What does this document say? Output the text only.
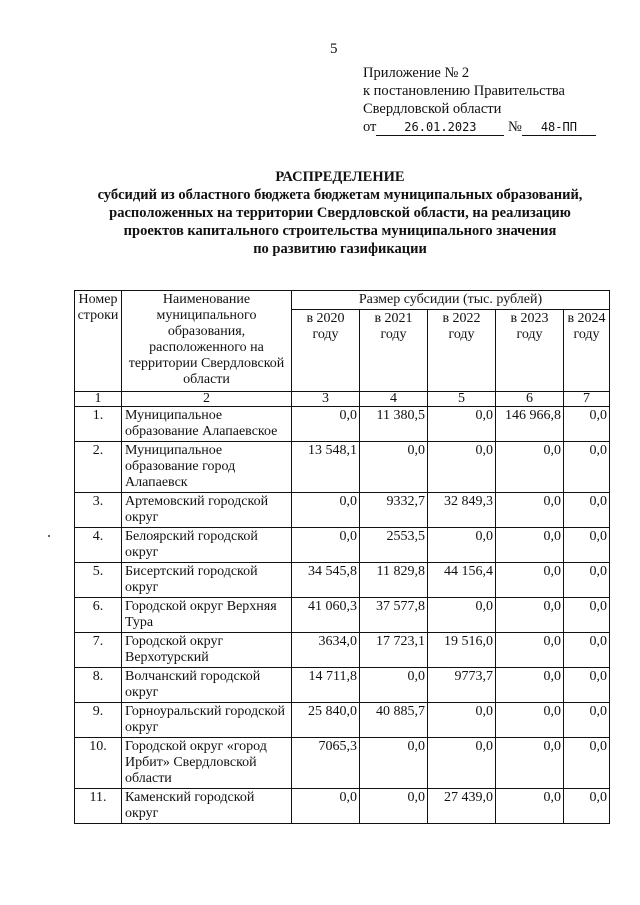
5
Приложение № 2
к постановлению Правительства
Свердловской области
от 26.01.2023 № 48-ПП
РАСПРЕДЕЛЕНИЕ
субсидий из областного бюджета бюджетам муниципальных образований,
расположенных на территории Свердловской области, на реализацию
проектов капитального строительства муниципального значения
по развитию газификации
Номер строки	Наименование муниципального образования, расположенного на территории Свердловской области	Размер субсидии (тыс. рублей)				
		в 2020 году	в 2021 году	в 2022 году	в 2023 году	в 2024 году
1	2	3	4	5	6	7
1.	Муниципальное образование Алапаевское	0,0	11 380,5	0,0	146 966,8	0,0
2.	Муниципальное образование город Алапаевск	13 548,1	0,0	0,0	0,0	0,0
3.	Артемовский городской округ	0,0	9332,7	32 849,3	0,0	0,0
4.	Белоярский городской округ	0,0	2553,5	0,0	0,0	0,0
5.	Бисертский городской округ	34 545,8	11 829,8	44 156,4	0,0	0,0
6.	Городской округ Верхняя Тура	41 060,3	37 577,8	0,0	0,0	0,0
7.	Городской округ Верхотурский	3634,0	17 723,1	19 516,0	0,0	0,0
8.	Волчанский городской округ	14 711,8	0,0	9773,7	0,0	0,0
9.	Горноуральский городской округ	25 840,0	40 885,7	0,0	0,0	0,0
10.	Городской округ «город Ирбит» Свердловской области	7065,3	0,0	0,0	0,0	0,0
11.	Каменский городской округ	0,0	0,0	27 439,0	0,0	0,0
